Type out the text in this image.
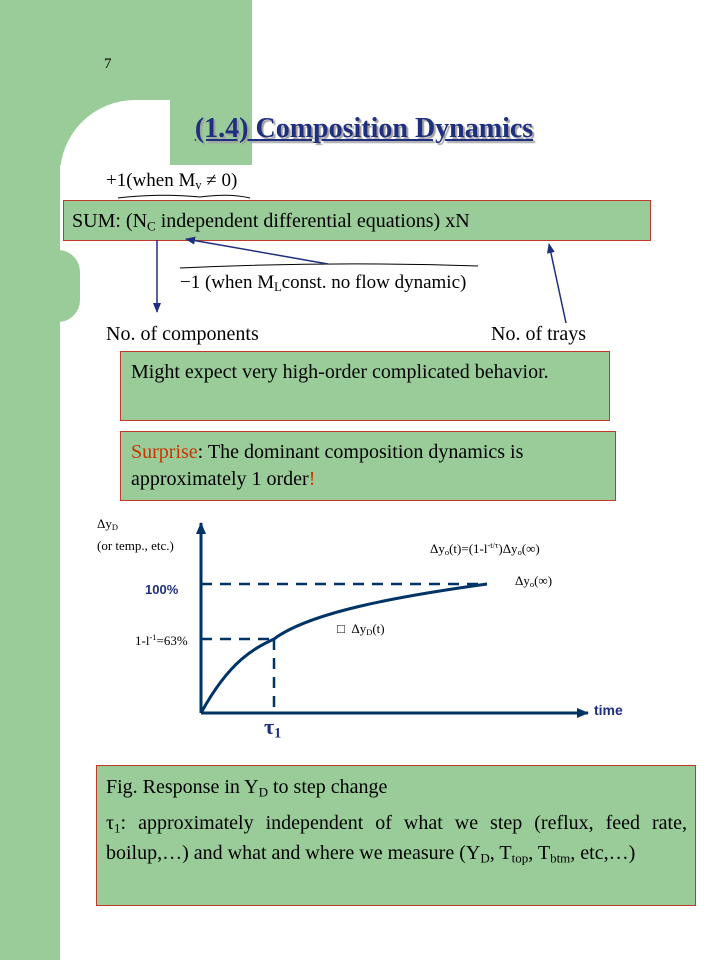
7
(1.4) Composition Dynamics
+1(when $M_v \ne 0$)
SUM: ($N_C$ independent differential equations) xN
−1 (when $M_Lconst$. no flow dynamic)
No. of components	No. of trays
Might expect very high-order complicated behavior.
Surprise: The dominant composition dynamics is approximately 1 order!
$\Delta y_D$
(or temp., etc.)
100%
$1-l^{-1}=63\%$
time
$\tau_1$
$\Delta y_o(t)=(1-l^{-t/\tau})\Delta y_o(\infty)$
$\Delta y_o(\infty)$
□ $\Delta y_D(t)$
Fig. Response in $Y_D$ to step change
$\tau_1$: approximately independent of what we step (reflux, feed rate, boilup,…) and what and where we measure ($Y_D$, $T_{top}$, $T_{btm}$, etc,…)
